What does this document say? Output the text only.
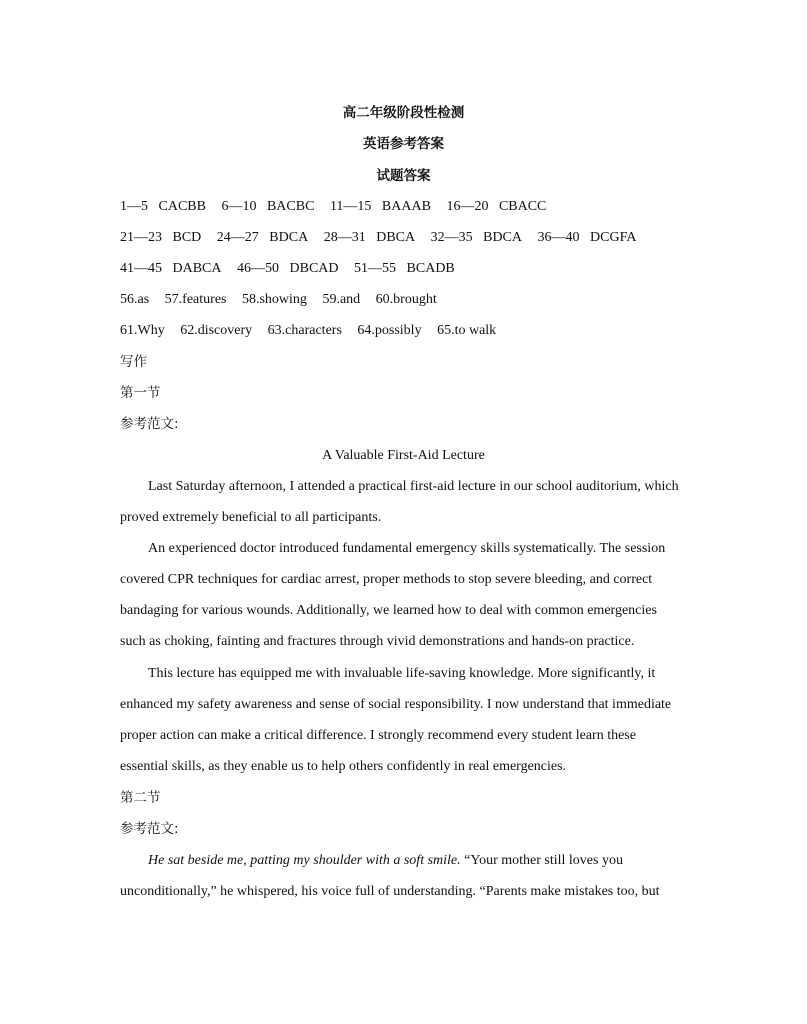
高二年级阶段性检测
英语参考答案
试题答案
1—5 CACBB 6—10 BACBC 11—15 BAAAB 16—20 CBACC
21—23 BCD 24—27 BDCA 28—31 DBCA 32—35 BDCA 36—40 DCGFA
41—45 DABCA 46—50 DBCAD 51—55 BCADB
56.as 57.features 58.showing 59.and 60.brought
61.Why 62.discovery 63.characters 64.possibly 65.to walk
写作
第一节
参考范文:
A Valuable First-Aid Lecture
Last Saturday afternoon, I attended a practical first-aid lecture in our school auditorium, which
proved extremely beneficial to all participants.
An experienced doctor introduced fundamental emergency skills systematically. The session
covered CPR techniques for cardiac arrest, proper methods to stop severe bleeding, and correct
bandaging for various wounds. Additionally, we learned how to deal with common emergencies
such as choking, fainting and fractures through vivid demonstrations and hands-on practice.
This lecture has equipped me with invaluable life-saving knowledge. More significantly, it
enhanced my safety awareness and sense of social responsibility. I now understand that immediate
proper action can make a critical difference. I strongly recommend every student learn these
essential skills, as they enable us to help others confidently in real emergencies.
第二节
参考范文:
He sat beside me, patting my shoulder with a soft smile. “Your mother still loves you
unconditionally,” he whispered, his voice full of understanding. “Parents make mistakes too, but
